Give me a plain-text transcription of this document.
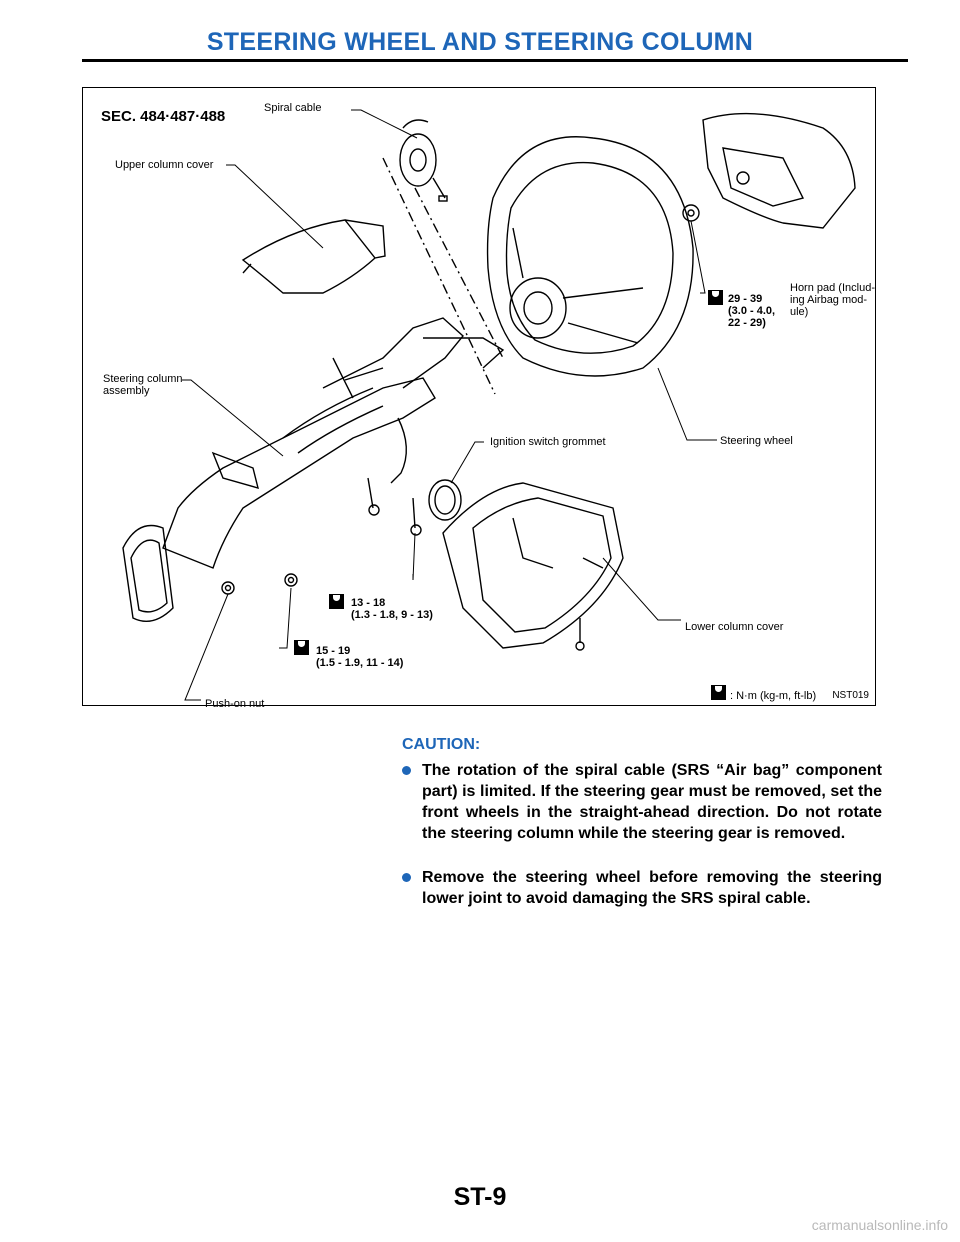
STEERING WHEEL AND STEERING COLUMN
SEC. 484·487·488	Spiral cable
Upper column cover
Steering column
assembly
Horn pad (Includ-
ing Airbag mod-
ule)
29 - 39
(3.0 - 4.0,
22 - 29)
Steering wheel
Ignition switch grommet
13 - 18
(1.3 - 1.8, 9 - 13)
15 - 19
(1.5 - 1.9, 11 - 14)
Lower column cover
Push-on nut
: N·m (kg-m, ft-lb) NST019
CAUTION:
The rotation of the spiral cable (SRS “Air bag” component part) is limited. If the steering gear must be removed, set the front wheels in the straight-ahead direction. Do not rotate the steering column while the steering gear is removed.
Remove the steering wheel before removing the steering lower joint to avoid damaging the SRS spiral cable.
ST-9
carmanualsonline.info
